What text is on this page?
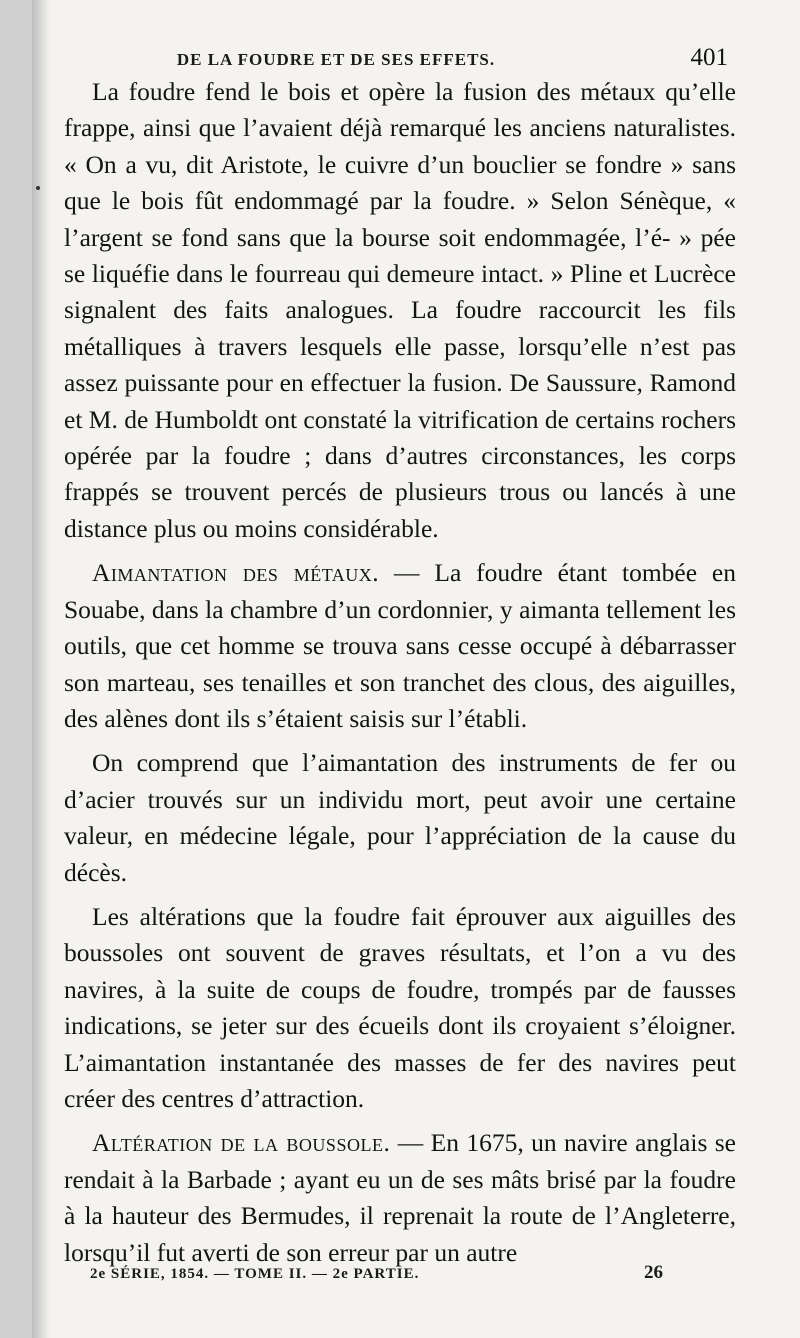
DE LA FOUDRE ET DE SES EFFETS.	401

La foudre fend le bois et opère la fusion des métaux qu’elle frappe, ainsi que l’avaient déjà remarqué les anciens naturalistes. « On a vu, dit Aristote, le cuivre d’un bouclier se fondre » sans que le bois fût endommagé par la foudre. » Selon Sénèque, « l’argent se fond sans que la bourse soit endommagée, l’é- » pée se liquéfie dans le fourreau qui demeure intact. » Pline et Lucrèce signalent des faits analogues. La foudre raccourcit les fils métalliques à travers lesquels elle passe, lorsqu’elle n’est pas assez puissante pour en effectuer la fusion. De Saussure, Ramond et M. de Humboldt ont constaté la vitrification de certains rochers opérée par la foudre ; dans d’autres circonstances, les corps frappés se trouvent percés de plusieurs trous ou lancés à une distance plus ou moins considérable.

Aimantation des métaux. — La foudre étant tombée en Souabe, dans la chambre d’un cordonnier, y aimanta tellement les outils, que cet homme se trouva sans cesse occupé à débarrasser son marteau, ses tenailles et son tranchet des clous, des aiguilles, des alènes dont ils s’étaient saisis sur l’établi.

On comprend que l’aimantation des instruments de fer ou d’acier trouvés sur un individu mort, peut avoir une certaine valeur, en médecine légale, pour l’appréciation de la cause du décès.

Les altérations que la foudre fait éprouver aux aiguilles des boussoles ont souvent de graves résultats, et l’on a vu des navires, à la suite de coups de foudre, trompés par de fausses indications, se jeter sur des écueils dont ils croyaient s’éloigner. L’aimantation instantanée des masses de fer des navires peut créer des centres d’attraction.

Altération de la boussole. — En 1675, un navire anglais se rendait à la Barbade ; ayant eu un de ses mâts brisé par la foudre à la hauteur des Bermudes, il reprenait la route de l’Angleterre, lorsqu’il fut averti de son erreur par un autre

2e SÉRIE, 1854. — TOME II. — 2e PARTIE.	26
